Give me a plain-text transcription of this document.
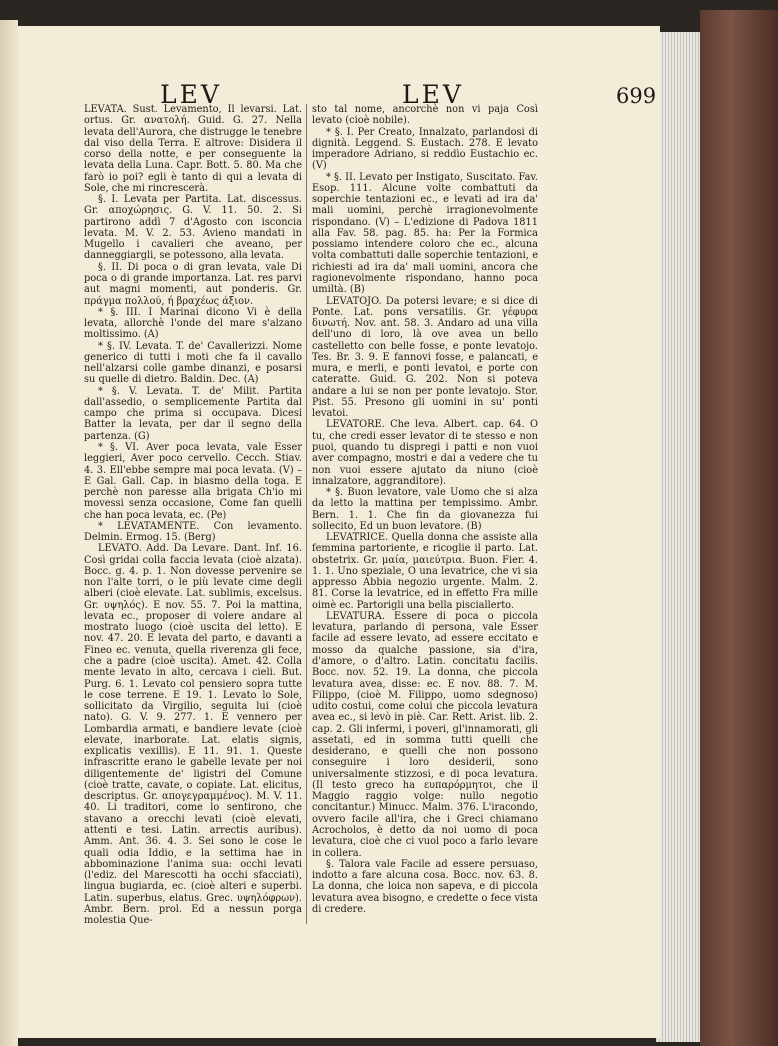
LEV	LEV	699

LEVATA. Sust. Levamento, Il levarsi. Lat. ortus. Gr. ανατολή. Guid. G. 27. Nella levata dell'Aurora, che distrugge le tenebre dal viso della Terra. E altrove: Disidera il corso della notte, e per conseguente la levata della Luna. Capr. Bott. 5. 80. Ma che farò io poi? egli è tanto di qui a levata di Sole, che mi rincrescerà.

§. I. Levata per Partita. Lat. discessus. Gr. αποχώρησις. G. V. 11. 50. 2. Si partirono addì 7 d'Agosto con isconcia levata. M. V. 2. 53. Avieno mandati in Mugello i cavalieri che aveano, per danneggiargli, se potessono, alla levata.

§. II. Di poca o di gran levata, vale Di poca o di grande importanza. Lat. res parvi aut magni momenti, aut ponderis. Gr. πράγμα πολλού, ή βραχέως άξιον.

* §. III. I Marinai dicono Vi è della levata, allorchè l'onde del mare s'alzano moltissimo. (A)

* §. IV. Levata. T. de' Cavallerizzi. Nome generico di tutti i moti che fa il cavallo nell'alzarsi colle gambe dinanzi, e posarsi su quelle di dietro. Baldin. Dec. (A)

* §. V. Levata. T. de' Milit. Partita dall'assedio, o semplicemente Partita dal campo che prima si occupava. Dicesi Batter la levata, per dar il segno della partenza. (G)

* §. VI. Aver poca levata, vale Esser leggieri, Aver poco cervello. Cecch. Stiav. 4. 3. Ell'ebbe sempre mai poca levata. (V) – E Gal. Gall. Cap. in biasmo della toga. E perchè non paresse alla brigata Ch'io mi movessi senza occasione, Come fan quelli che han poca levata, ec. (Pe)

* LEVATAMENTE. Con levamento. Delmin. Ermog. 15. (Berg)

LEVATO. Add. Da Levare. Dant. Inf. 16. Così gridai colla faccia levata (cioè alzata). Bocc. g. 4. p. 1. Non dovesse pervenire se non l'alte torri, o le più levate cime degli alberi (cioè elevate. Lat. sublimis, excelsus. Gr. υψηλός). E nov. 55. 7. Poi la mattina, levata ec., proposer di volere andare al mostrato luogo (cioè uscita del letto). E nov. 47. 20. E levata del parto, e davanti a Fineo ec. venuta, quella riverenza gli fece, che a padre (cioè uscita). Amet. 42. Colla mente levato in alto, cercava i cieli. But. Purg. 6. 1. Levato col pensiero sopra tutte le cose terrene. E 19. 1. Levato lo Sole, sollicitato da Virgilio, seguita lui (cioè nato). G. V. 9. 277. 1. E vennero per Lombardia armati, e bandiere levate (cioè elevate, inarborate. Lat. elatis signis, explicatis vexillis). E 11. 91. 1. Queste infrascritte erano le gabelle levate per noi diligentemente de' ligistri del Comune (cioè tratte, cavate, o copiate. Lat. elicitus, descriptus. Gr. απογεγραμμένος). M. V. 11. 40. Li traditori, come lo sentirono, che stavano a orecchi levati (cioè elevati, attenti e tesi. Latin. arrectis auribus). Amm. Ant. 36. 4. 3. Sei sono le cose le quali odia Iddio, e la settima hae in abbominazione l'anima sua: occhi levati (l'ediz. del Marescotti ha occhi sfacciati), lingua bugiarda, ec. (cioè alteri e superbi. Latin. superbus, elatus. Grec. υψηλόφρων). Ambr. Bern. prol. Ed a nessun porga molestia Que-

sto tal nome, ancorchè non vi paja Così levato (cioè nobile).

* §. I. Per Creato, Innalzato, parlandosi di dignità. Leggend. S. Eustach. 278. E levato imperadore Adriano, si reddìo Eustachio ec. (V)

* §. II. Levato per Instigato, Suscitato. Fav. Esop. 111. Alcune volte combattuti da soperchie tentazioni ec., e levati ad ira da' mali uomini, perchè irragionevolmente rispondano. (V) – L'edizione di Padova 1811 alla Fav. 58. pag. 85. ha: Per la Formica possiamo intendere coloro che ec., alcuna volta combattuti dalle soperchie tentazioni, e richiesti ad ira da' mali uomini, ancora che ragionevolmente rispondano, hanno poca umiltà. (B)

LEVATOJO. Da potersi levare; e si dice di Ponte. Lat. pons versatilis. Gr. γέφυρα δινωτή. Nov. ant. 58. 3. Andaro ad una villa dell'uno di loro, là ove avea un bello castelletto con belle fosse, e ponte levatojo. Tes. Br. 3. 9. E fannovi fosse, e palancati, e mura, e merli, e ponti levatoi, e porte con cateratte. Guid. G. 202. Non si poteva andare a lui se non per ponte levatojo. Stor. Pist. 55. Presono gli uomini in su' ponti levatoi.

LEVATORE. Che leva. Albert. cap. 64. O tu, che credi esser levator di te stesso e non puoi, quando tu dispregi i patti e non vuoi aver compagno, mostri e dai a vedere che tu non vuoi essere ajutato da niuno (cioè innalzatore, aggranditore).

* §. Buon levatore, vale Uomo che si alza da letto la mattina per tempissimo. Ambr. Bern. 1. 1. Che fin da giovanezza fui sollecito, Ed un buon levatore. (B)

LEVATRICE. Quella donna che assiste alla femmina partoriente, e ricoglie il parto. Lat. obstetrix. Gr. μαία, μαιεύτρια. Buon. Fier. 4. 1. 1. Uno speziale, O una levatrice, che vi sia appresso Abbia negozio urgente. Malm. 2. 81. Corse la levatrice, ed in effetto Fra mille oimè ec. Partorigli una bella pisciallerto.

LEVATURA. Essere di poca o piccola levatura, parlando di persona, vale Esser facile ad essere levato, ad essere eccitato e mosso da qualche passione, sia d'ira, d'amore, o d'altro. Latin. concitatu facilis. Bocc. nov. 52. 19. La donna, che piccola levatura avea, disse: ec. E nov. 88. 7. M. Filippo, (cioè M. Filippo, uomo sdegnoso) udito costui, come colui che piccola levatura avea ec., si levò in piè. Car. Rett. Arist. lib. 2. cap. 2. Gli infermi, i poveri, gl'innamorati, gli assetati, ed in somma tutti quelli che desiderano, e quelli che non possono conseguire i loro desiderii, sono universalmente stizzosi, e di poca levatura. (Il testo greco ha ευπαρόρμητοι, che il Maggio raggio volge: nullo negotio concitantur.) Minucc. Malm. 376. L'iracondo, ovvero facile all'ira, che i Greci chiamano Acrocholos, è detto da noi uomo di poca levatura, cioè che ci vuol poco a farlo levare in collera.

§. Talora vale Facile ad essere persuaso, indotto a fare alcuna cosa. Bocc. nov. 63. 8. La donna, che loica non sapeva, e di piccola levatura avea bisogno, e credette o fece vista di credere.
